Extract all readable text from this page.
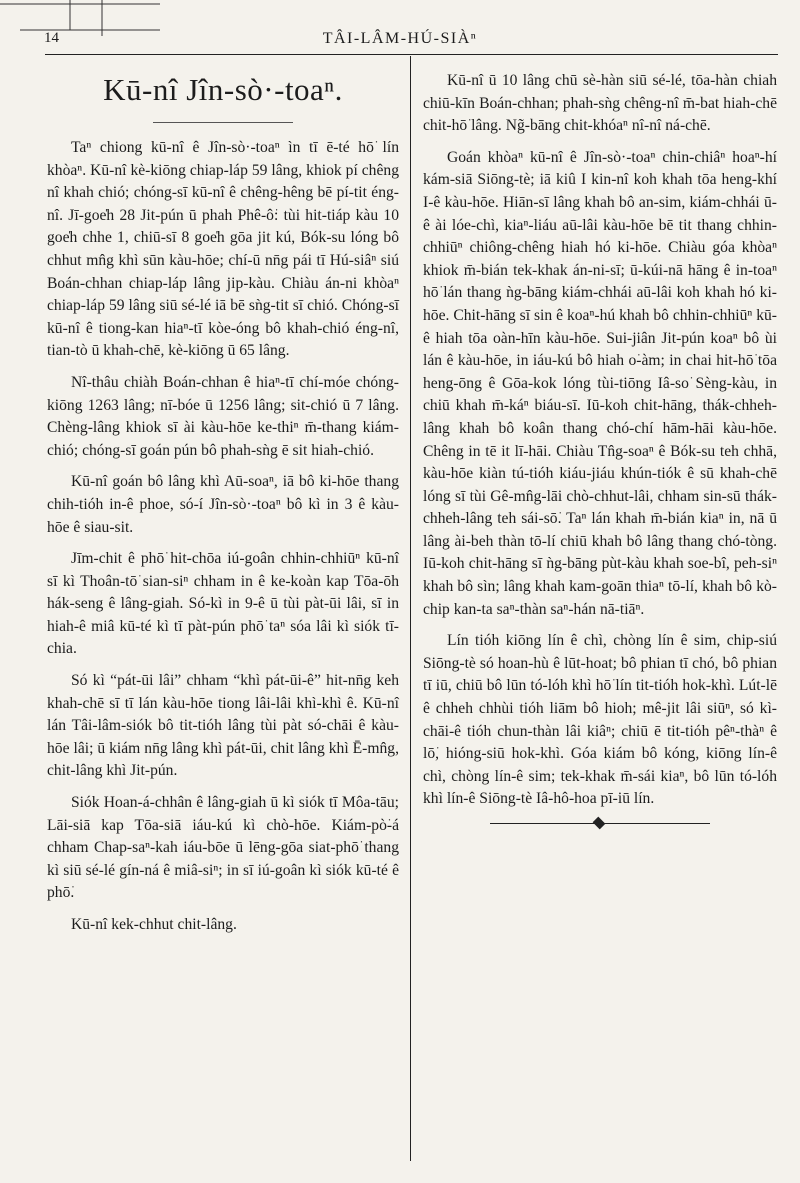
14	TÂI-LÂM-HÚ-SIÀⁿ
Kū-nî Jîn-sò·-toaⁿ.

Taⁿ chiong kū-nî ê Jîn-sò·-toaⁿ ìn tī ē-té hō͘ lín khòaⁿ. Kū-nî kè-kiōng chiap-láp 59 lâng, khiok pí chêng nî khah chió; chóng-sī kū-nî ê chêng-hêng bē pí-tit éng-nî. Jī-goe̍h 28 Jit-pún ū phah Phê-ô͘: tùi hit-tiáp kàu 10 goe̍h chhe 1, chiū-sī 8 goe̍h gōa jit kú, Bók-su lóng bô chhut mn̂g khì sūn kàu-hōe; chí-ū nn̄g pái tī Hú-siâⁿ siú Boán-chhan chiap-láp lâng jip-kàu. Chiàu án-ni khòaⁿ chiap-láp 59 lâng siū sé-lé iā bē sǹg-tit sī chió. Chóng-sī kū-nî ê tiong-kan hiaⁿ-tī kòe-óng bô khah-chió éng-nî, tian-tò ū khah-chē, kè-kiōng ū 65 lâng.

Nî-thâu chiàh Boán-chhan ê hiaⁿ-tī chí-móe chóng-kiōng 1263 lâng; nī-bóe ū 1256 lâng; sit-chió ū 7 lâng. Chèng-lâng khiok sī ài kàu-hōe ke-thiⁿ m̄-thang kiám-chió; chóng-sī goán pún bô phah-sǹg ē sit hiah-chió.

Kū-nî goán bô lâng khì Aū-soaⁿ, iā bô ki-hōe thang chih-tióh in-ê phoe, só-í Jîn-sò·-toaⁿ bô kì in 3 ê kàu-hōe ê siau-sit.

Jīm-chit ê phō͘ hit-chōa iú-goân chhin-chhiūⁿ kū-nî sī kì Thoân-tō͘ sian-siⁿ chham in ê ke-koàn kap Tōa-ōh hák-seng ê lâng-giah. Só-kì in 9-ê ū tùi pàt-ūi lâi, sī in hiah-ê miâ kū-té kì tī pàt-pún phō͘ taⁿ sóa lâi kì siók tī-chia.

Só kì “pát-ūi lâi” chham “khì pát-ūi-ê” hit-nn̄g keh khah-chē sī tī lán kàu-hōe tiong lâi-lâi khì-khì ê. Kū-nî lán Tâi-lâm-siók bô tit-tióh lâng tùi pàt só-chāi ê kàu-hōe lâi; ū kiám nn̄g lâng khì pát-ūi, chit lâng khì Ē-mn̂g, chit-lâng khì Jit-pún.

Siók Hoan-á-chhân ê lâng-giah ū kì siók tī Môa-tāu; Lāi-siā kap Tōa-siā iáu-kú kì chò-hōe. Kiám-pò͘-á chham Chap-saⁿ-kah iáu-bōe ū lēng-gōa siat-phō͘ thang kì siū sé-lé gín-ná ê miâ-siⁿ; in sī iú-goân kì siók kū-té ê phō͘.

Kū-nî kek-chhut chit-lâng.

Kū-nî ū 10 lâng chū sè-hàn siū sé-lé, tōa-hàn chiah chiū-kīn Boán-chhan; phah-sǹg chêng-nî m̄-bat hiah-chē chit-hō͘ lâng. Ng̃-bāng chit-khóaⁿ nî-nî ná-chē.

Goán khòaⁿ kū-nî ê Jîn-sò·-toaⁿ chin-chiâⁿ hoaⁿ-hí kám-siā Siōng-tè; iā kiû I kin-nî koh khah tōa heng-khí I-ê kàu-hōe. Hiān-sī lâng khah bô an-sim, kiám-chhái ū-ê ài lóe-chì, kiaⁿ-liáu aū-lâi kàu-hōe bē tit thang chhin-chhiūⁿ chiông-chêng hiah hó ki-hōe. Chiàu góa khòaⁿ khiok m̄-bián tek-khak án-ni-sī; ū-kúi-nā hāng ê in-toaⁿ hō͘ lán thang ǹg-bāng kiám-chhái aū-lâi koh khah hó ki-hōe. Chit-hāng sī sin ê koaⁿ-hú khah bô chhin-chhiūⁿ kū-ê hiah tōa oàn-hīn kàu-hōe. Sui-jiân Jit-pún koaⁿ bô ùi lán ê kàu-hōe, in iáu-kú bô hiah o͘-àm; in chai hit-hō͘ tōa heng-ōng ê Gōa-kok lóng tùi-tiōng Iâ-so͘ Sèng-kàu, in chiū khah m̄-káⁿ biáu-sī. Iū-koh chit-hāng, thák-chheh-lâng khah bô koân thang chó-chí hām-hāi kàu-hōe. Chêng in tē it lī-hāi. Chiàu Tn̂g-soaⁿ ê Bók-su teh chhā, kàu-hōe kiàn tú-tióh kiáu-jiáu khún-tiók ê sū khah-chē lóng sī tùi Gê-mn̂g-lāi chò-chhut-lâi, chham sin-sū thák-chheh-lâng teh sái-sō͘. Taⁿ lán khah m̄-bián kiaⁿ in, nā ū lâng ài-beh thàn tō-lí chiū khah bô lâng thang chó-tòng. Iū-koh chit-hāng sī ǹg-bāng pùt-kàu khah soe-bî, peh-siⁿ khah bô sìn; lâng khah kam-goān thiaⁿ tō-lí, khah bô kò-chip kan-ta saⁿ-thàn saⁿ-hán nā-tiāⁿ.

Lín tióh kiōng lín ê chì, chòng lín ê sim, chip-siú Siōng-tè só hoan-hù ê lūt-hoat; bô phian tī chó, bô phian tī iū, chiū bô lūn tó-lóh khì hō͘ lín tit-tióh hok-khì. Lút-lē ê chheh chhùi tióh liām bô hioh; mê-jit lâi siūⁿ, só kì-chāi-ê tióh chun-thàn lâi kiâⁿ; chiū ē tit-tióh pêⁿ-thàⁿ ê lō͘, hióng-siū hok-khì. Góa kiám bô kóng, kiōng lín-ê chì, chòng lín-ê sim; tek-khak m̄-sái kiaⁿ, bô lūn tó-lóh khì lín-ê Siōng-tè Iâ-hô-hoa pī-iū lín.
